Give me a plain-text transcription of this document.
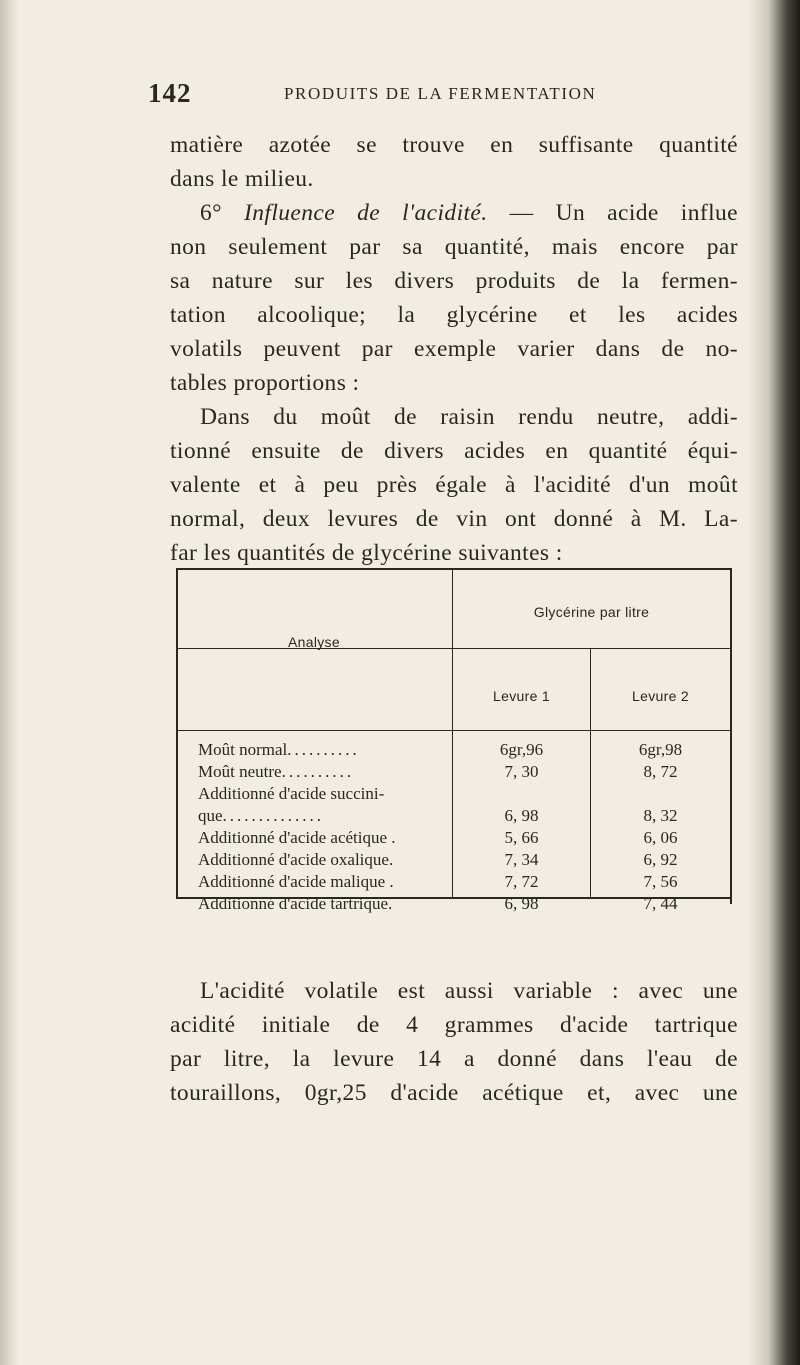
142	PRODUITS DE LA FERMENTATION
matière azotée se trouve en suffisante quantité
dans le milieu.
6° Influence de l'acidité. — Un acide influe
non seulement par sa quantité, mais encore par
sa nature sur les divers produits de la fermen-
tation alcoolique; la glycérine et les acides
volatils peuvent par exemple varier dans de no-
tables proportions :
Dans du moût de raisin rendu neutre, addi-
tionné ensuite de divers acides en quantité équi-
valente et à peu près égale à l'acidité d'un moût
normal, deux levures de vin ont donné à M. La-
far les quantités de glycérine suivantes :
Analyse
Glycérine par litre
Levure 1	Levure 2
Moût normal..........	6gr,96	6gr,98
Moût neutre..........	7, 30	8, 72
Additionné d'acide succini-
que..............	6, 98	8, 32
Additionné d'acide acétique .	5, 66	6, 06
Additionné d'acide oxalique.	7, 34	6, 92
Additionné d'acide malique .	7, 72	7, 56
Additionné d'acide tartrique.	6, 98	7, 44
L'acidité volatile est aussi variable : avec une
acidité initiale de 4 grammes d'acide tartrique
par litre, la levure 14 a donné dans l'eau de
touraillons, 0gr,25 d'acide acétique et, avec une
